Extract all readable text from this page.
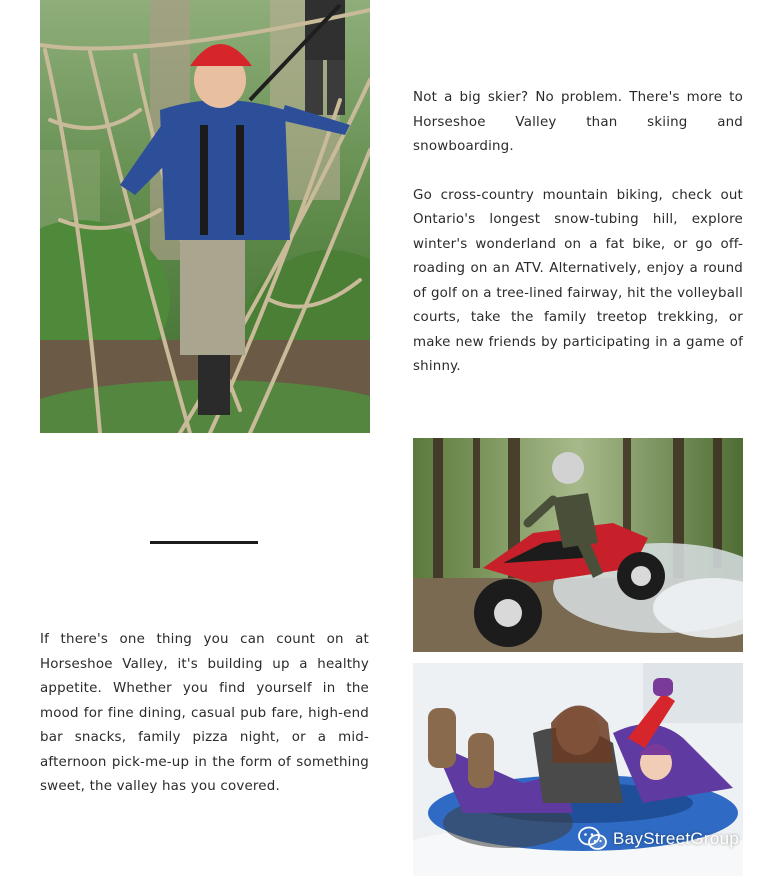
Not a big skier? No problem. There's more to Horseshoe Valley than skiing and snowboarding.

Go cross-country mountain biking, check out Ontario's longest snow-tubing hill, explore winter's wonderland on a fat bike, or go off-roading on an ATV. Alternatively, enjoy a round of golf on a tree-lined fairway, hit the volleyball courts, take the family treetop trekking, or make new friends by participating in a game of shinny.

If there's one thing you can count on at Horseshoe Valley, it's building up a healthy appetite. Whether you find yourself in the mood for fine dining, casual pub fare, high-end bar snacks, family pizza night, or a mid-afternoon pick-me-up in the form of something sweet, the valley has you covered.

BayStreetGroup
